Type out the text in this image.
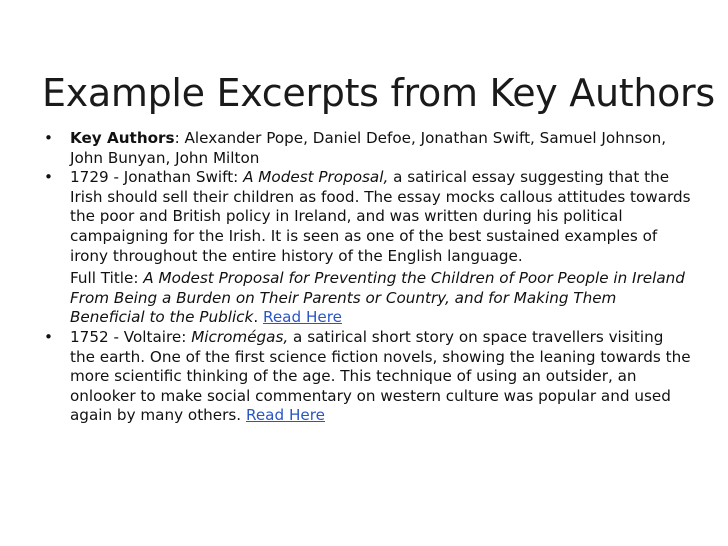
Example Excerpts from Key Authors
•	Key Authors: Alexander Pope, Daniel Defoe, Jonathan Swift, Samuel Johnson, John Bunyan, John Milton
•	1729 - Jonathan Swift: A Modest Proposal, a satirical essay suggesting that the Irish should sell their children as food. The essay mocks callous attitudes towards the poor and British policy in Ireland, and was written during his political campaigning for the Irish. It is seen as one of the best sustained examples of irony throughout the entire history of the English language.
Full Title: A Modest Proposal for Preventing the Children of Poor People in Ireland From Being a Burden on Their Parents or Country, and for Making Them Beneficial to the Publick. Read Here
•	1752 - Voltaire: Micromégas, a satirical short story on space travellers visiting the earth. One of the first science fiction novels, showing the leaning towards the more scientific thinking of the age. This technique of using an outsider, an onlooker to make social commentary on western culture was popular and used again by many others. Read Here
